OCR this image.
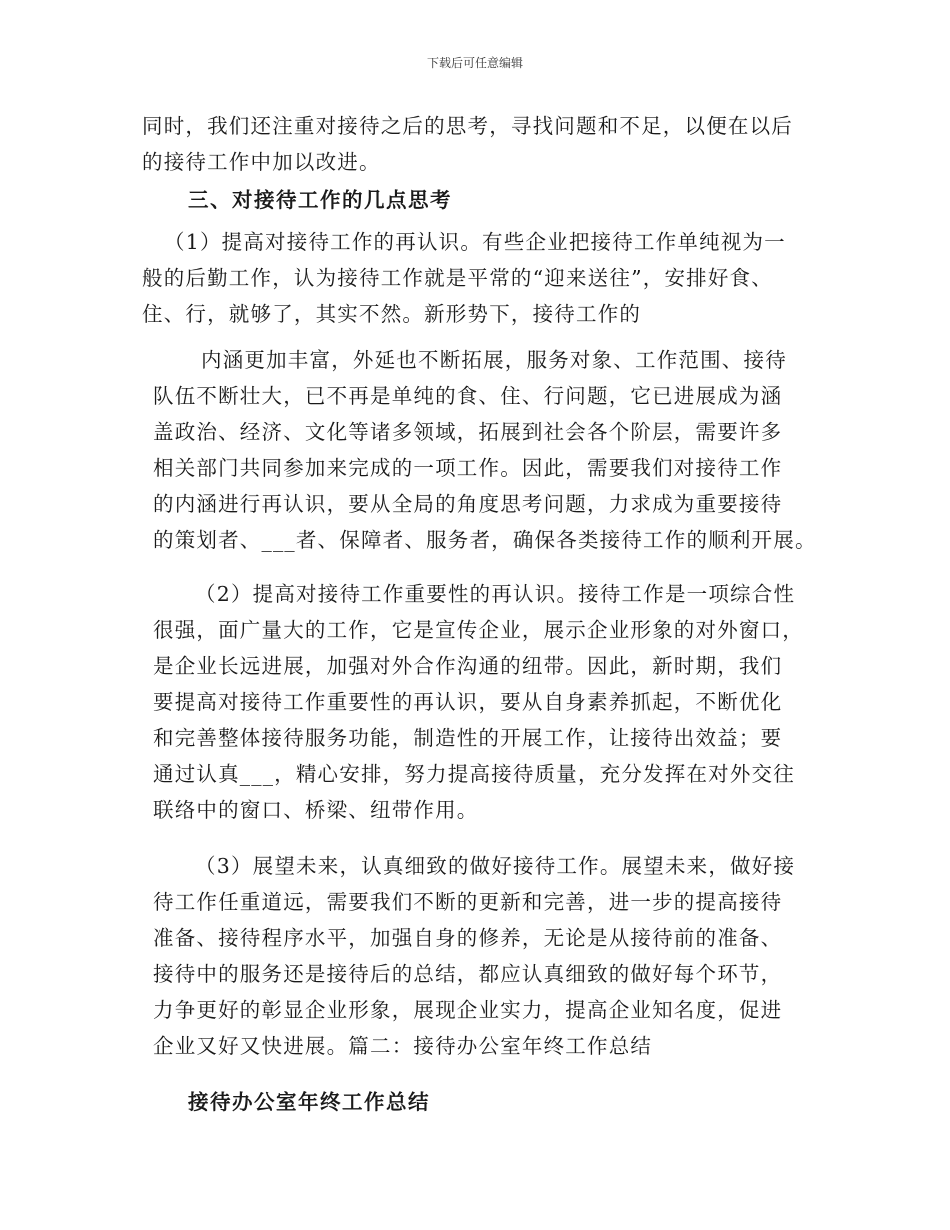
下载后可任意编辑
同时，我们还注重对接待之后的思考，寻找问题和不足，以便在以后
的接待工作中加以改进。
三、对接待工作的几点思考
（1）提高对接待工作的再认识。有些企业把接待工作单纯视为一
般的后勤工作，认为接待工作就是平常的“迎来送往”，安排好食、
住、行，就够了，其实不然。新形势下，接待工作的
内涵更加丰富，外延也不断拓展，服务对象、工作范围、接待
队伍不断壮大，已不再是单纯的食、住、行问题，它已进展成为涵
盖政治、经济、文化等诸多领域，拓展到社会各个阶层，需要许多
相关部门共同参加来完成的一项工作。因此，需要我们对接待工作
的内涵进行再认识，要从全局的角度思考问题，力求成为重要接待
的策划者、___者、保障者、服务者，确保各类接待工作的顺利开展。
（2）提高对接待工作重要性的再认识。接待工作是一项综合性
很强，面广量大的工作，它是宣传企业，展示企业形象的对外窗口，
是企业长远进展，加强对外合作沟通的纽带。因此，新时期，我们
要提高对接待工作重要性的再认识，要从自身素养抓起，不断优化
和完善整体接待服务功能，制造性的开展工作，让接待出效益；要
通过认真___，精心安排，努力提高接待质量，充分发挥在对外交往
联络中的窗口、桥梁、纽带作用。
（3）展望未来，认真细致的做好接待工作。展望未来，做好接
待工作任重道远，需要我们不断的更新和完善，进一步的提高接待
准备、接待程序水平，加强自身的修养，无论是从接待前的准备、
接待中的服务还是接待后的总结，都应认真细致的做好每个环节，
力争更好的彰显企业形象，展现企业实力，提高企业知名度，促进
企业又好又快进展。篇二：接待办公室年终工作总结
接待办公室年终工作总结
